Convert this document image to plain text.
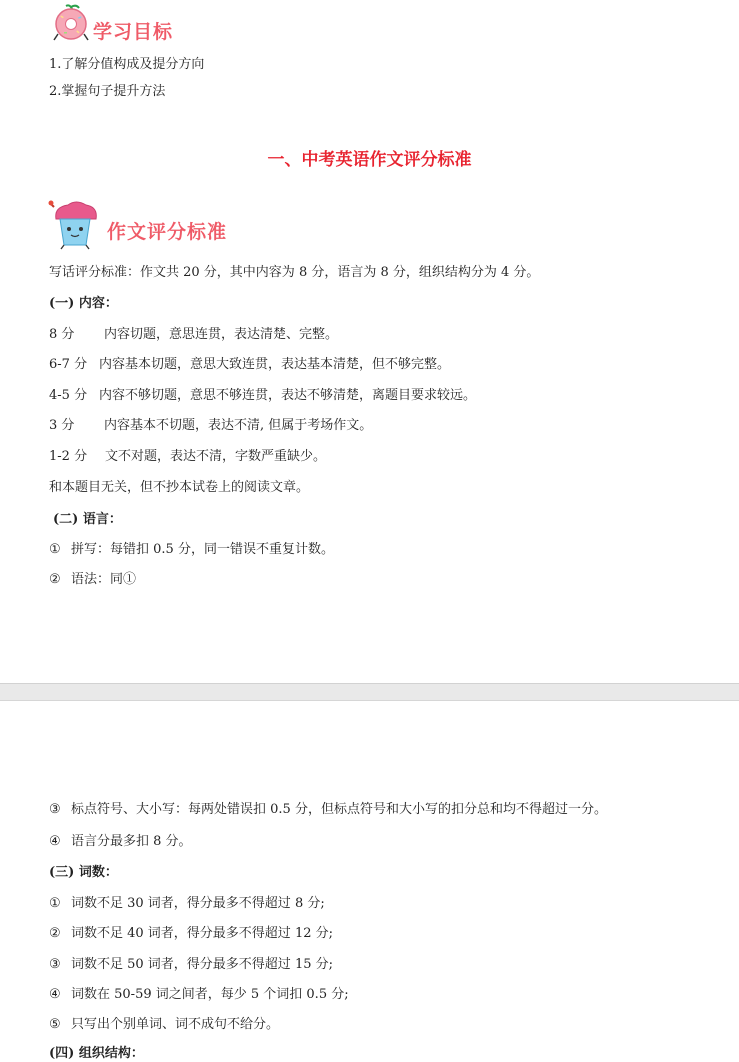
学习目标
1.了解分值构成及提分方向
2.掌握句子提升方法
一、中考英语作文评分标准
作文评分标准
写话评分标准：作文共 20 分，其中内容为 8 分，语言为 8 分，组织结构分为 4 分。
(一) 内容：
8 分 内容切题，意思连贯，表达清楚、完整。
6-7 分 内容基本切题，意思大致连贯，表达基本清楚，但不够完整。
4-5 分 内容不够切题，意思不够连贯，表达不够清楚，离题目要求较远。
3 分 内容基本不切题，表达不清, 但属于考场作文。
1-2 分 文不对题，表达不清，字数严重缺少。
和本题目无关，但不抄本试卷上的阅读文章。
(二) 语言：
① 拼写：每错扣 0.5 分，同一错误不重复计数。
② 语法：同①
③ 标点符号、大小写：每两处错误扣 0.5 分，但标点符号和大小写的扣分总和均不得超过一分。
④ 语言分最多扣 8 分。
(三) 词数：
① 词数不足 30 词者，得分最多不得超过 8 分;
② 词数不足 40 词者，得分最多不得超过 12 分;
③ 词数不足 50 词者，得分最多不得超过 15 分;
④ 词数在 50-59 词之间者，每少 5 个词扣 0.5 分;
⑤ 只写出个别单词、词不成句不给分。
(四) 组织结构：
